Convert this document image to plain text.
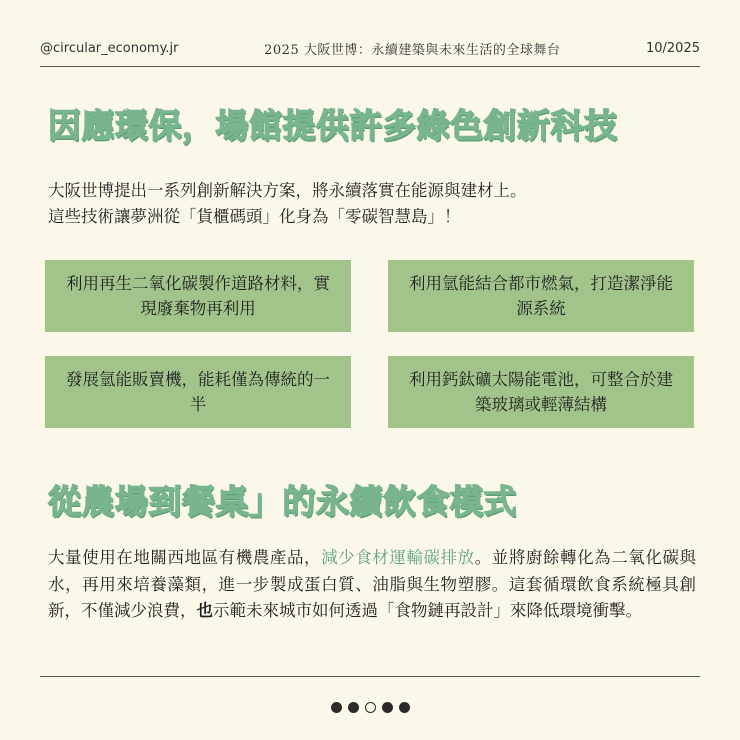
@circular_economy.jr	2025 大阪世博：永續建築與未來生活的全球舞台	10/2025
因應環保，場館提供許多綠色創新科技

大阪世博提出一系列創新解決方案，將永續落實在能源與建材上。

這些技術讓夢洲從「貨櫃碼頭」化身為「零碳智慧島」！

利用再生二氧化碳製作道路材料，實現廢棄物再利用
利用氫能結合都市燃氣，打造潔淨能源系統
發展氫能販賣機，能耗僅為傳統的一半
利用鈣鈦礦太陽能電池，可整合於建築玻璃或輕薄結構
從農場到餐桌」的永續飲食模式
大量使用在地關西地區有機農產品，減少食材運輸碳排放。並將廚餘轉化為二氧化碳與水，再用來培養藻類，進一步製成蛋白質、油脂與生物塑膠。這套循環飲食系統極具創新，不僅減少浪費，也示範未來城市如何透過「食物鏈再設計」來降低環境衝擊。
